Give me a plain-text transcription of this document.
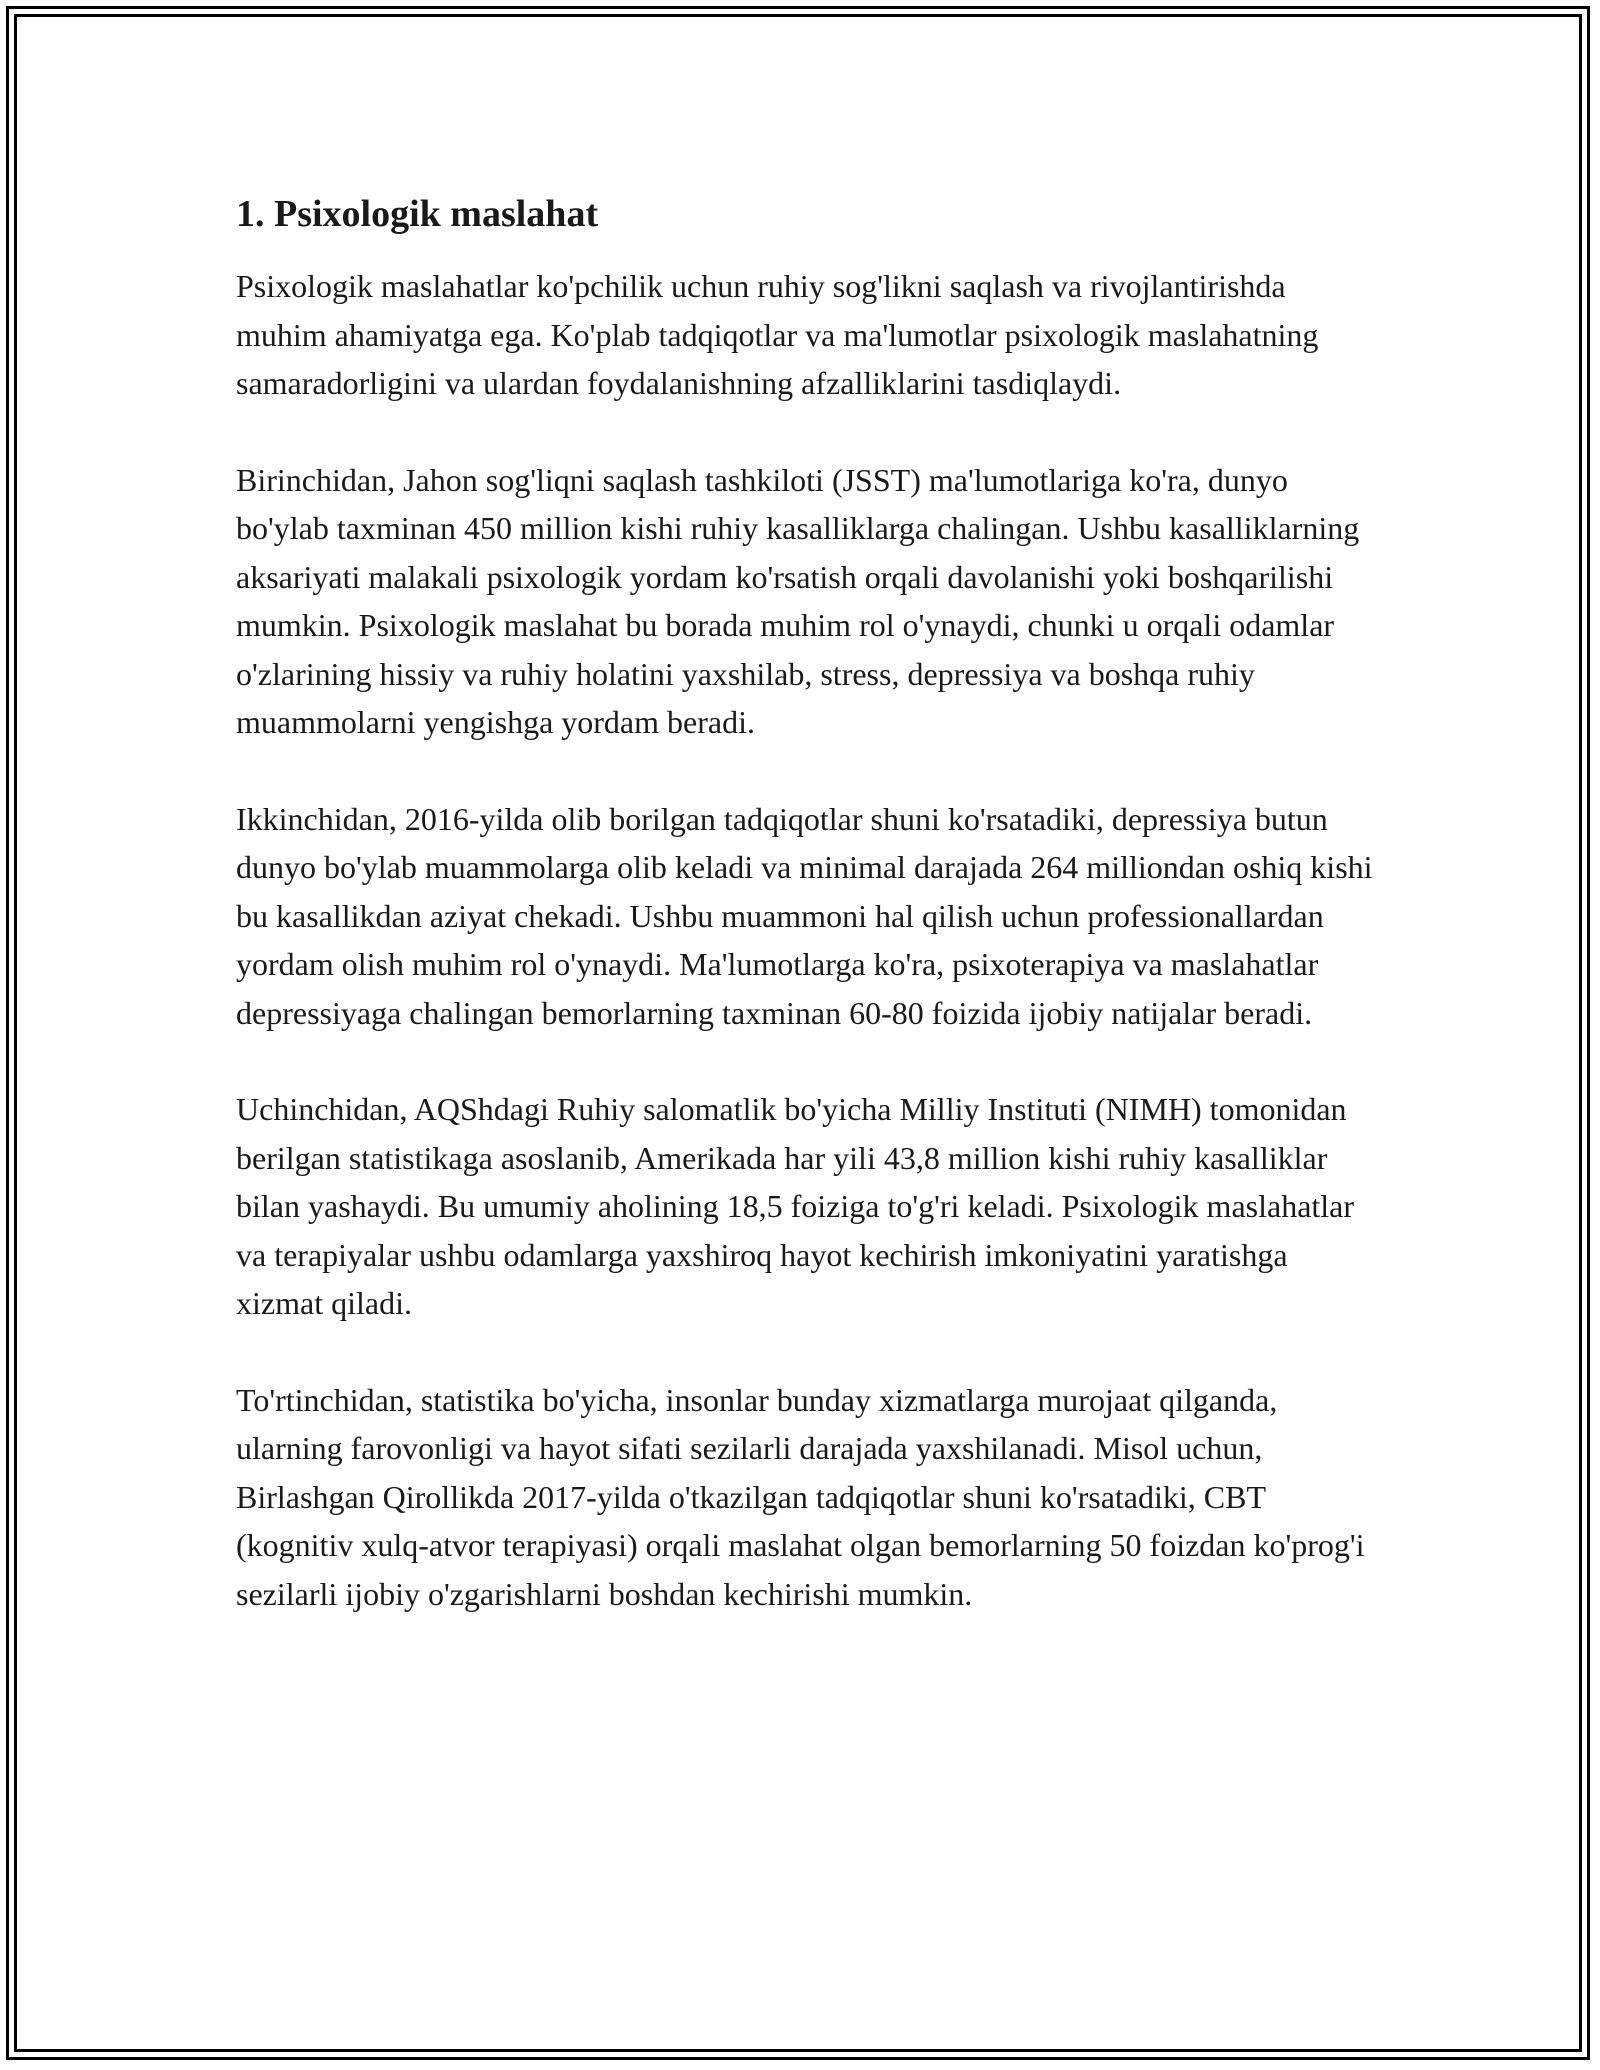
1. Psixologik maslahat

Psixologik maslahatlar ko'pchilik uchun ruhiy sog'likni saqlash va rivojlantirishda muhim ahamiyatga ega. Ko'plab tadqiqotlar va ma'lumotlar psixologik maslahatning samaradorligini va ulardan foydalanishning afzalliklarini tasdiqlaydi.

Birinchidan, Jahon sog'liqni saqlash tashkiloti (JSST) ma'lumotlariga ko'ra, dunyo bo'ylab taxminan 450 million kishi ruhiy kasalliklarga chalingan. Ushbu kasalliklarning aksariyati malakali psixologik yordam ko'rsatish orqali davolanishi yoki boshqarilishi mumkin. Psixologik maslahat bu borada muhim rol o'ynaydi, chunki u orqali odamlar o'zlarining hissiy va ruhiy holatini yaxshilab, stress, depressiya va boshqa ruhiy muammolarni yengishga yordam beradi.

Ikkinchidan, 2016-yilda olib borilgan tadqiqotlar shuni ko'rsatadiki, depressiya butun dunyo bo'ylab muammolarga olib keladi va minimal darajada 264 milliondan oshiq kishi bu kasallikdan aziyat chekadi. Ushbu muammoni hal qilish uchun professionallardan yordam olish muhim rol o'ynaydi. Ma'lumotlarga ko'ra, psixoterapiya va maslahatlar depressiyaga chalingan bemorlarning taxminan 60-80 foizida ijobiy natijalar beradi.

Uchinchidan, AQShdagi Ruhiy salomatlik bo'yicha Milliy Instituti (NIMH) tomonidan berilgan statistikaga asoslanib, Amerikada har yili 43,8 million kishi ruhiy kasalliklar bilan yashaydi. Bu umumiy aholining 18,5 foiziga to'g'ri keladi. Psixologik maslahatlar va terapiyalar ushbu odamlarga yaxshiroq hayot kechirish imkoniyatini yaratishga xizmat qiladi.

To'rtinchidan, statistika bo'yicha, insonlar bunday xizmatlarga murojaat qilganda, ularning farovonligi va hayot sifati sezilarli darajada yaxshilanadi. Misol uchun, Birlashgan Qirollikda 2017-yilda o'tkazilgan tadqiqotlar shuni ko'rsatadiki, CBT (kognitiv xulq-atvor terapiyasi) orqali maslahat olgan bemorlarning 50 foizdan ko'prog'i sezilarli ijobiy o'zgarishlarni boshdan kechirishi mumkin.
